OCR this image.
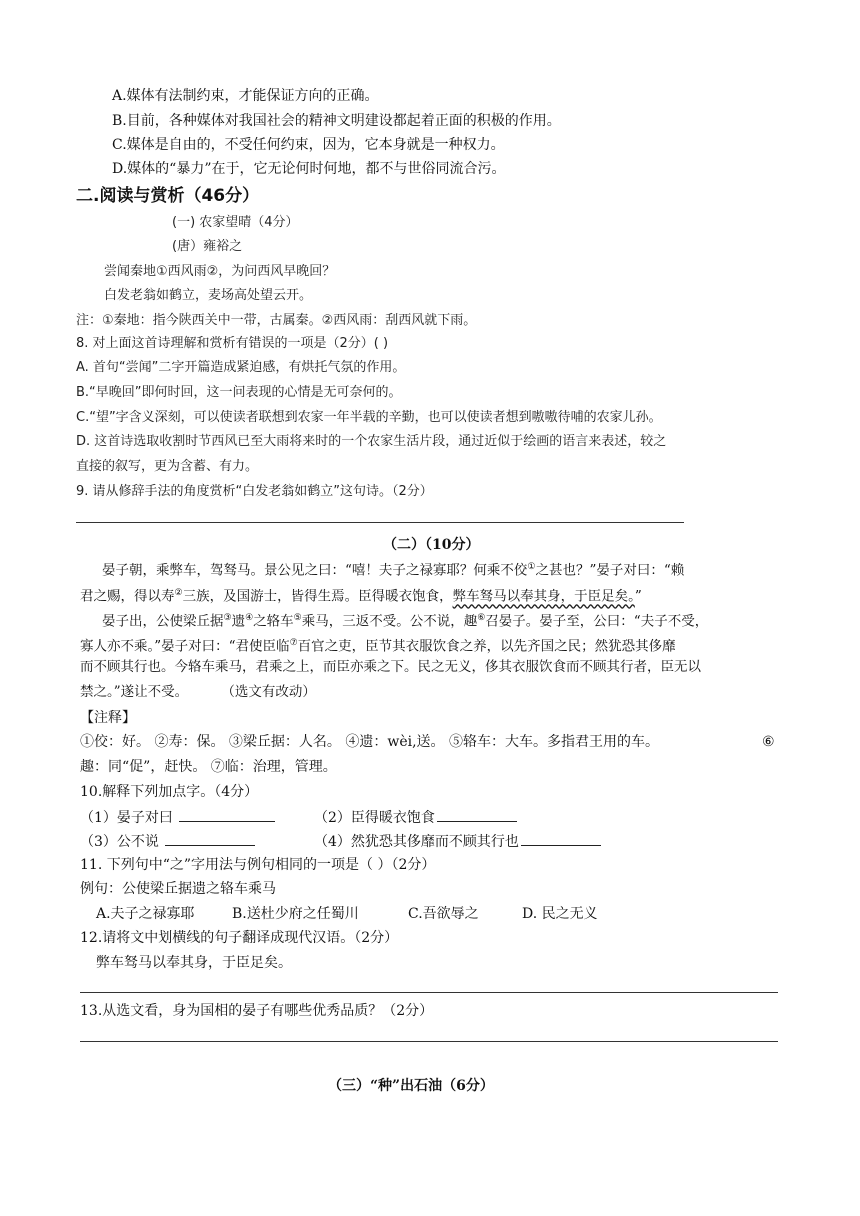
A.媒体有法制约束，才能保证方向的正确。
B.目前，各种媒体对我国社会的精神文明建设都起着正面的积极的作用。
C.媒体是自由的，不受任何约束，因为，它本身就是一种权力。
D.媒体的“暴力”在于，它无论何时何地，都不与世俗同流合污。
二.阅读与赏析（46分）
(一) 农家望晴（4分）
(唐）雍裕之
尝闻秦地①西风雨②，为问西风早晚回？
白发老翁如鹤立，麦场高处望云开。
注：①秦地：指今陕西关中一带，古属秦。②西风雨：刮西风就下雨。
8. 对上面这首诗理解和赏析有错误的一项是（2分）( )
A. 首句“尝闻”二字开篇造成紧迫感，有烘托气氛的作用。
B.“早晚回”即何时回，这一问表现的心情是无可奈何的。
C.“望”字含义深刻，可以使读者联想到农家一年半载的辛勤，也可以使读者想到嗷嗷待哺的农家儿孙。
D. 这首诗选取收割时节西风已至大雨将来时的一个农家生活片段，通过近似于绘画的语言来表述，较之
直接的叙写，更为含蓄、有力。
9. 请从修辞手法的角度赏析“白发老翁如鹤立”这句诗。（2分）
（二）（10分）
晏子朝，乘弊车，驾驽马。景公见之曰：“嘻！夫子之禄寡耶？何乘不佼①之甚也？”晏子对曰：“赖
君之赐，得以寿②三族，及国游士，皆得生焉。臣得暖衣饱食，弊车驽马以奉其身，于臣足矣。”
晏子出，公使梁丘据③遗④之辂车⑤乘马，三返不受。公不说，趣⑥召晏子。晏子至，公曰：“夫子不受，
寡人亦不乘。”晏子对曰：“君使臣临⑦百官之吏，臣节其衣服饮食之养，以先齐国之民；然犹恐其侈靡
而不顾其行也。今辂车乘马，君乘之上，而臣亦乘之下。民之无义，侈其衣服饮食而不顾其行者，臣无以
禁之。”遂让不受。	（选文有改动）
【注释】
①佼：好。 ②寿：保。 ③梁丘据：人名。 ④遗：wèi,送。 ⑤辂车：大车。多指君王用的车。	⑥
趣：同“促”，赶快。 ⑦临：治理，管理。
10.解释下列加点字。（4分）
（1）晏子对曰	（2）臣得暖衣饱食
（3）公不说	（4）然犹恐其侈靡而不顾其行也
11. 下列句中“之”字用法与例句相同的一项是（ ）（2分）
例句：公使梁丘据遗之辂车乘马
A.夫子之禄寡耶	B.送杜少府之任蜀川	C.吾欲辱之	D. 民之无义
12.请将文中划横线的句子翻译成现代汉语。（2分）
弊车驽马以奉其身，于臣足矣。
13.从选文看，身为国相的晏子有哪些优秀品质？（2分）
（三）“种”出石油（6分）
